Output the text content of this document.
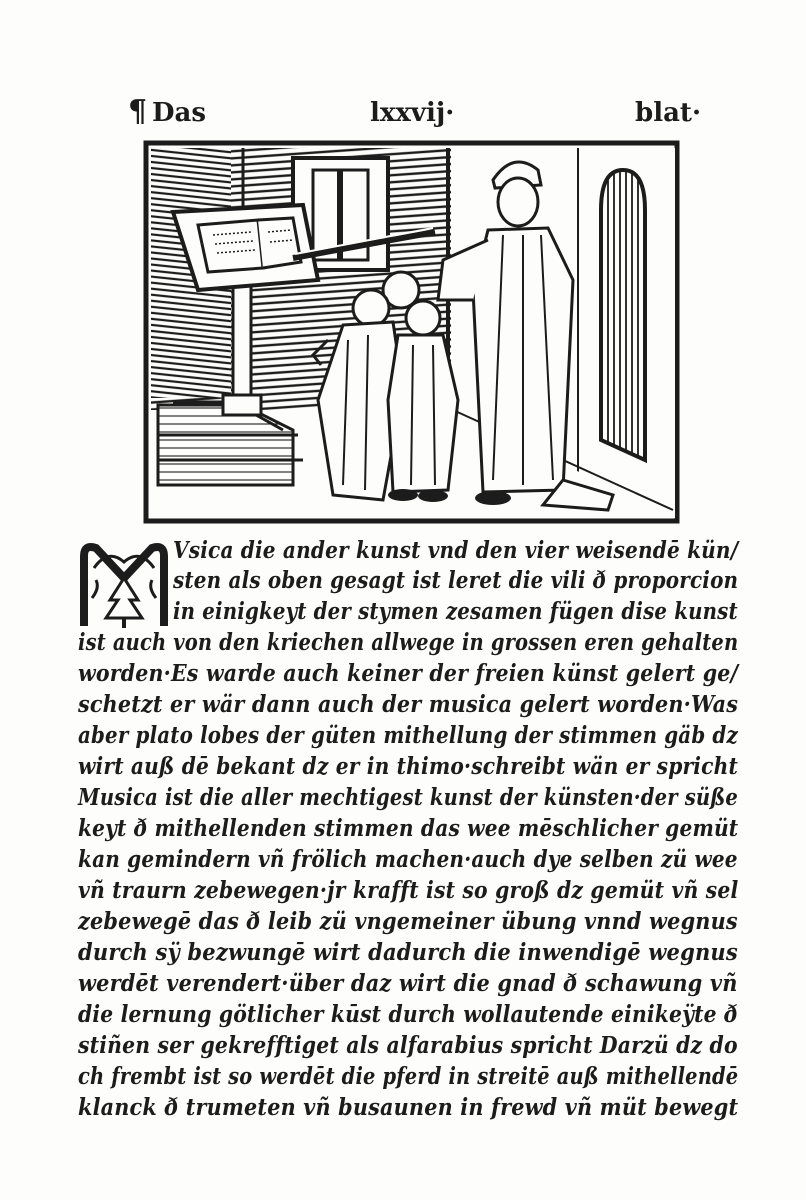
¶ Das	lxxvij·	blat·
Vsica die ander kunst vnd den vier weisendē kün/
sten als oben gesagt ist leret die vili ð proporcion
in einigkeyt der stymen zesamen fügen dise kunst
ist auch von den kriechen allwege in grossen eren gehalten
worden·Es warde auch keiner der freien künst gelert ge/
schetzt er wär dann auch der musica gelert worden·Was
aber plato lobes der güten mithellung der stimmen gäb dz
wirt auß dē bekant dz er in thimo·schreibt wän er spricht
Musica ist die aller mechtigest kunst der künsten·der süße
keyt ð mithellenden stimmen das wee mēschlicher gemüt
kan gemindern vñ frölich machen·auch dye selben zü wee
vñ traurn zebewegen·jr krafft ist so groß dz gemüt vñ sel
zebewegē das ð leib zü vngemeiner übung vnnd wegnus
durch sÿ bezwungē wirt dadurch die inwendigē wegnus
werdēt verendert·über daz wirt die gnad ð schawung vñ
die lernung götlicher kūst durch wollautende einikeÿte ð
stiñen ser gekrefftiget als alfarabius spricht Darzü dz do
ch frembt ist so werdēt die pferd in streitē auß mithellendē
klanck ð trumeten vñ busaunen in frewd vñ müt bewegt
